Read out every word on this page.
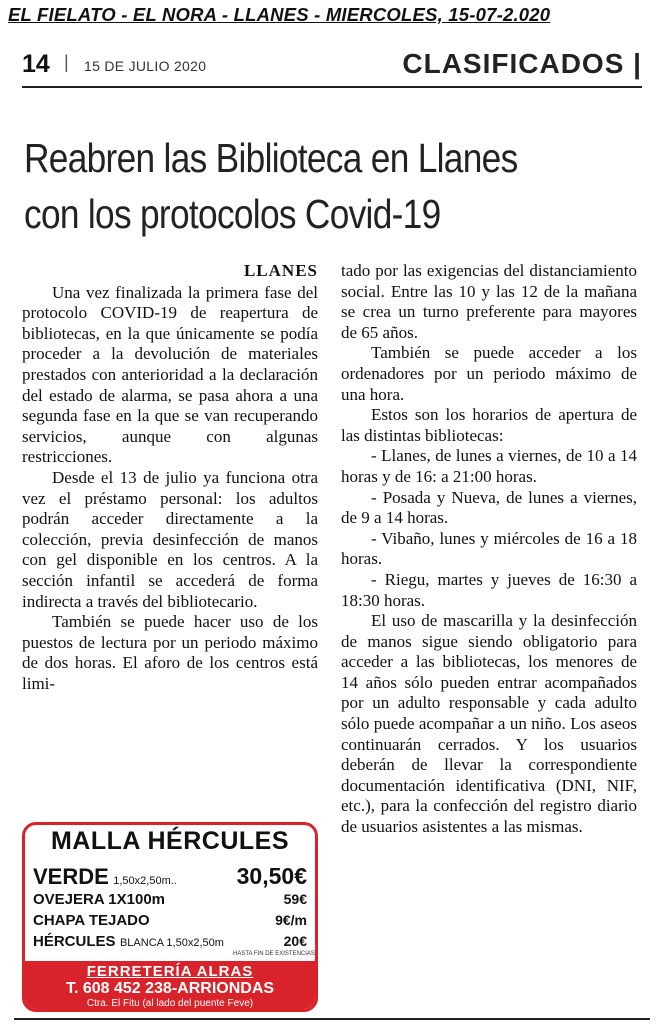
EL FIELATO - EL NORA - LLANES - MIERCOLES, 15-07-2.020
14 | 15 DE JULIO 2020	CLASIFICADOS |
Reabren las Biblioteca en Llanes
con los protocolos Covid-19
LLANES

Una vez finalizada la primera fase del protocolo COVID-19 de reapertura de bibliotecas, en la que únicamente se podía proceder a la devolución de materiales prestados con anterioridad a la declaración del estado de alarma, se pasa ahora a una segunda fase en la que se van recuperando servicios, aunque con algunas restricciones.

Desde el 13 de julio ya funciona otra vez el préstamo personal: los adultos podrán acceder directamente a la colección, previa desinfección de manos con gel disponible en los centros. A la sección infantil se accederá de forma indirecta a través del bibliotecario.

También se puede hacer uso de los puestos de lectura por un periodo máximo de dos horas. El aforo de los centros está limi-

tado por las exigencias del distanciamiento social. Entre las 10 y las 12 de la mañana se crea un turno preferente para mayores de 65 años.

También se puede acceder a los ordenadores por un periodo máximo de una hora.

Estos son los horarios de apertura de las distintas bibliotecas:

- Llanes, de lunes a viernes, de 10 a 14 horas y de 16: a 21:00 horas.

- Posada y Nueva, de lunes a viernes, de 9 a 14 horas.

- Vibaño, lunes y miércoles de 16 a 18 horas.

- Riegu, martes y jueves de 16:30 a 18:30 horas.

El uso de mascarilla y la desinfección de manos sigue siendo obligatorio para acceder a las bibliotecas, los menores de 14 años sólo pueden entrar acompañados por un adulto responsable y cada adulto sólo puede acompañar a un niño. Los aseos continuarán cerrados. Y los usuarios deberán de llevar la correspondiente documentación identificativa (DNI, NIF, etc.), para la confección del registro diario de usuarios asistentes a las mismas.

MALLA HÉRCULES
VERDE 1,50x2,50m..	30,50€
OVEJERA 1X100m	59€
CHAPA TEJADO	9€/m
HÉRCULES BLANCA 1,50x2,50m	20€
HASTA FIN DE EXISTENCIAS
FERRETERÍA ALRAS
T. 608 452 238-ARRIONDAS
Ctra. El Fitu (al lado del puente Feve)
